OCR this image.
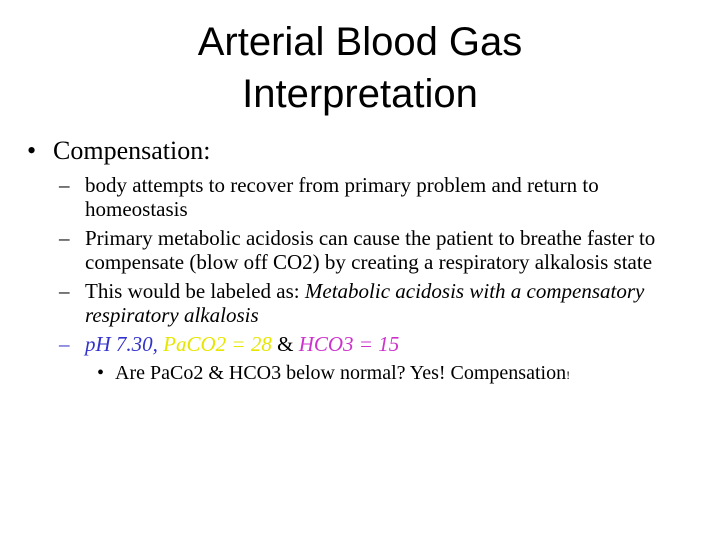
Arterial Blood Gas
Interpretation
• Compensation:
– body attempts to recover from primary problem and return to homeostasis
– Primary metabolic acidosis can cause the patient to breathe faster to compensate (blow off CO2) by creating a respiratory alkalosis state
– This would be labeled as: Metabolic acidosis with a compensatory respiratory alkalosis
– pH 7.30, PaCO2 = 28 & HCO3 = 15
• Are PaCo2 & HCO3 below normal? Yes! Compensation!
